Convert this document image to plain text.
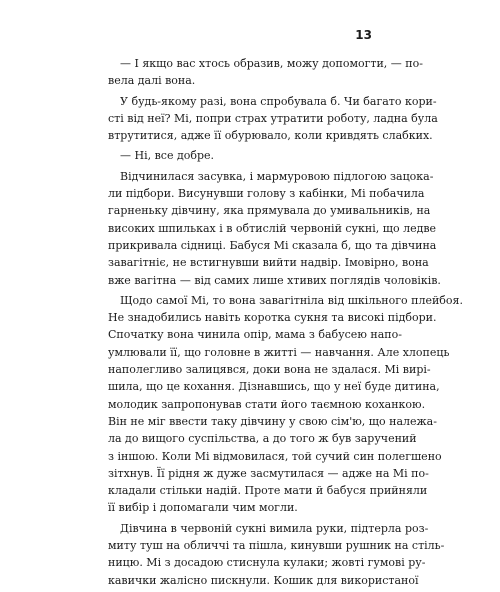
13

— І якщо вас хтось образив, можу допомогти, — по-
вела далі вона.

У будь-якому разі, вона спробувала б. Чи багато кори-
сті від неї? Мі, попри страх утратити роботу, ладна була
втрутитися, адже її обурювало, коли кривдять слабких.

— Ні, все добре.

Відчинилася засувка, і мармуровою підлогою зацока-
ли підбори. Висунувши голову з кабінки, Мі побачила
гарненьку дівчину, яка прямувала до умивальників, на
високих шпильках і в обтислій червоній сукні, що ледве
прикривала сідниці. Бабуся Мі сказала б, що та дівчина
завагітніє, не встигнувши вийти надвір. Імовірно, вона
вже вагітна — від самих лише хтивих поглядів чоловіків.

Щодо самої Мі, то вона завагітніла від шкільного плейбоя.
Не знадобились навіть коротка сукня та високі підбори.
Спочатку вона чинила опір, мама з бабусею напо-
умлювали її, що головне в житті — навчання. Але хлопець
наполегливо залицявся, доки вона не здалася. Мі вирі-
шила, що це кохання. Дізнавшись, що у неї буде дитина,
молодик запропонував стати його таємною коханкою.
Він не міг ввести таку дівчину у свою сім'ю, що належа-
ла до вищого суспільства, а до того ж був заручений
з іншою. Коли Мі відмовилася, той сучий син полегшено
зітхнув. Її рідня ж дуже засмутилася — адже на Мі по-
кладали стільки надій. Проте мати й бабуся прийняли
її вибір і допомагали чим могли.

Дівчина в червоній сукні вимила руки, підтерла роз-
миту туш на обличчі та пішла, кинувши рушник на стіль-
ницю. Мі з досадою стиснула кулаки; жовті гумові ру-
кавички жалісно пискнули. Кошик для використаної
